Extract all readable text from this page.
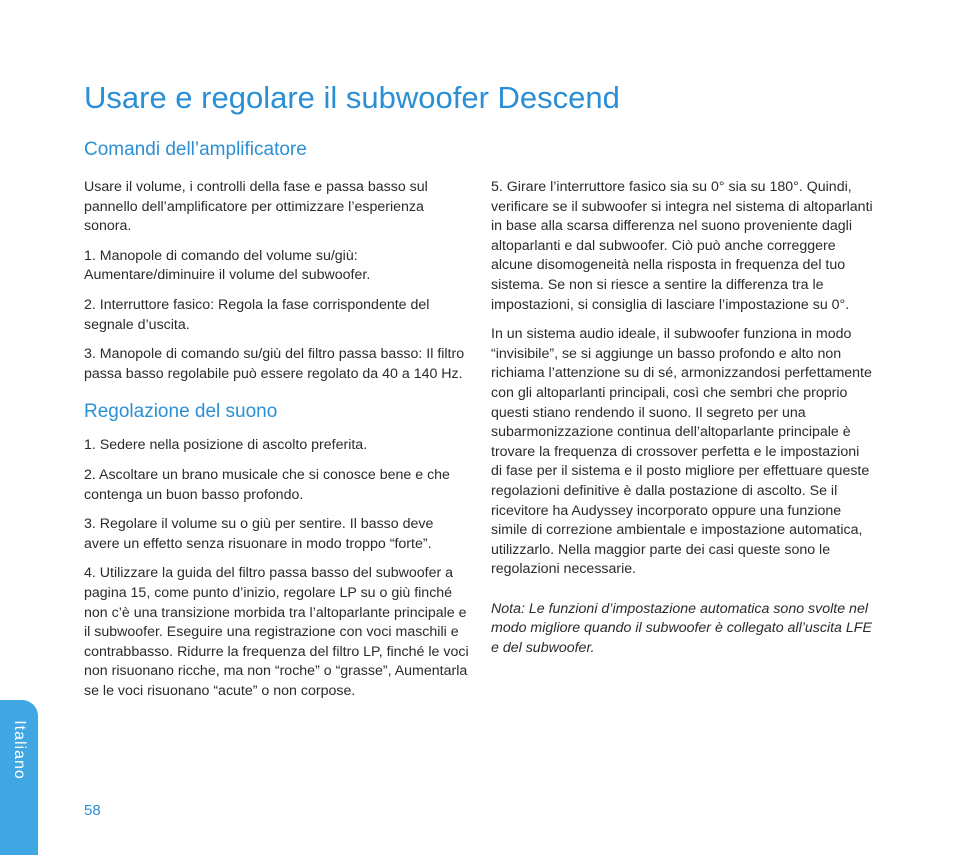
Usare e regolare il subwoofer Descend
Comandi dell’amplificatore

Usare il volume, i controlli della fase e passa basso sul pannello dell’amplificatore per ottimizzare l’esperienza sonora.

1. Manopole di comando del volume su/giù: Aumentare/diminuire il volume del subwoofer.

2. Interruttore fasico: Regola la fase corrispondente del segnale d’uscita.

3. Manopole di comando su/giù del filtro passa basso: Il filtro passa basso regolabile può essere regolato da 40 a 140 Hz.

Regolazione del suono

1. Sedere nella posizione di ascolto preferita.

2. Ascoltare un brano musicale che si conosce bene e che contenga un buon basso profondo.

3. Regolare il volume su o giù per sentire. Il basso deve avere un effetto senza risuonare in modo troppo “forte”.

4. Utilizzare la guida del filtro passa basso del subwoofer a pagina 15, come punto d’inizio, regolare LP su o giù finché non c’è una transizione morbida tra l’altoparlante principale e il subwoofer. Eseguire una registrazione con voci maschili e contrabbasso. Ridurre la frequenza del filtro LP, finché le voci non risuonano ricche, ma non “roche” o “grasse”, Aumentarla se le voci risuonano “acute” o non corpose.

5. Girare l’interruttore fasico sia su 0° sia su 180°. Quindi, verificare se il subwoofer si integra nel sistema di altoparlanti in base alla scarsa differenza nel suono proveniente dagli altoparlanti e dal subwoofer. Ciò può anche correggere alcune disomogeneità nella risposta in frequenza del tuo sistema. Se non si riesce a sentire la differenza tra le impostazioni, si consiglia di lasciare l’impostazione su 0°.

In un sistema audio ideale, il subwoofer funziona in modo “invisibile”, se si aggiunge un basso profondo e alto non richiama l’attenzione su di sé, armonizzandosi perfettamente con gli altoparlanti principali, così che sembri che proprio questi stiano rendendo il suono. Il segreto per una subarmonizzazione continua dell’altoparlante principale è trovare la frequenza di crossover perfetta e le impostazioni di fase per il sistema e il posto migliore per effettuare queste regolazioni definitive è dalla postazione di ascolto. Se il ricevitore ha Audyssey incorporato oppure una funzione simile di correzione ambientale e impostazione automatica, utilizzarlo. Nella maggior parte dei casi queste sono le regolazioni necessarie.

Nota: Le funzioni d’impostazione automatica sono svolte nel modo migliore quando il subwoofer è collegato all’uscita LFE e del subwoofer.

Italiano
58
